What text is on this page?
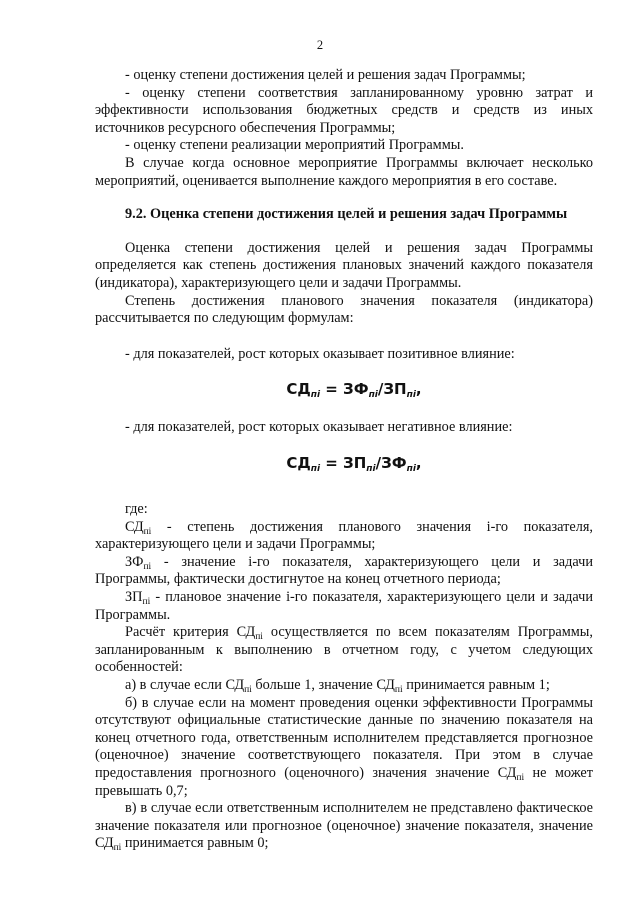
2

- оценку степени достижения целей и решения задач Программы;

- оценку степени соответствия запланированному уровню затрат и эффективности использования бюджетных средств и средств из иных источников ресурсного обеспечения Программы;

- оценку степени реализации мероприятий Программы.

В случае когда основное мероприятие Программы включает несколько мероприятий, оценивается выполнение каждого мероприятия в его составе.

9.2. Оценка степени достижения целей и решения задач Программы

Оценка степени достижения целей и решения задач Программы определяется как степень достижения плановых значений каждого показателя (индикатора), характеризующего цели и задачи Программы.

Степень достижения планового значения показателя (индикатора) рассчитывается по следующим формулам:

- для показателей, рост которых оказывает позитивное влияние:

$СД_{пi} = ЗФ_{пi}/ЗП_{пi}$,

- для показателей, рост которых оказывает негативное влияние:

$СД_{пi} = ЗП_{пi}/ЗФ_{пi}$,

где:

$СД_{пi}$ - степень достижения планового значения i-го показателя, характеризующего цели и задачи Программы;

$ЗФ_{пi}$ - значение i-го показателя, характеризующего цели и задачи Программы, фактически достигнутое на конец отчетного периода;

$ЗП_{пi}$ - плановое значение i-го показателя, характеризующего цели и задачи Программы.

Расчёт критерия $СД_{пi}$ осуществляется по всем показателям Программы, запланированным к выполнению в отчетном году, с учетом следующих особенностей:

а) в случае если $СД_{пi}$ больше 1, значение $СД_{пi}$ принимается равным 1;

б) в случае если на момент проведения оценки эффективности Программы отсутствуют официальные статистические данные по значению показателя на конец отчетного года, ответственным исполнителем представляется прогнозное (оценочное) значение соответствующего показателя. При этом в случае предоставления прогнозного (оценочного) значения значение $СД_{пi}$ не может превышать 0,7;

в) в случае если ответственным исполнителем не представлено фактическое значение показателя или прогнозное (оценочное) значение показателя, значение $СД_{пi}$ принимается равным 0;
